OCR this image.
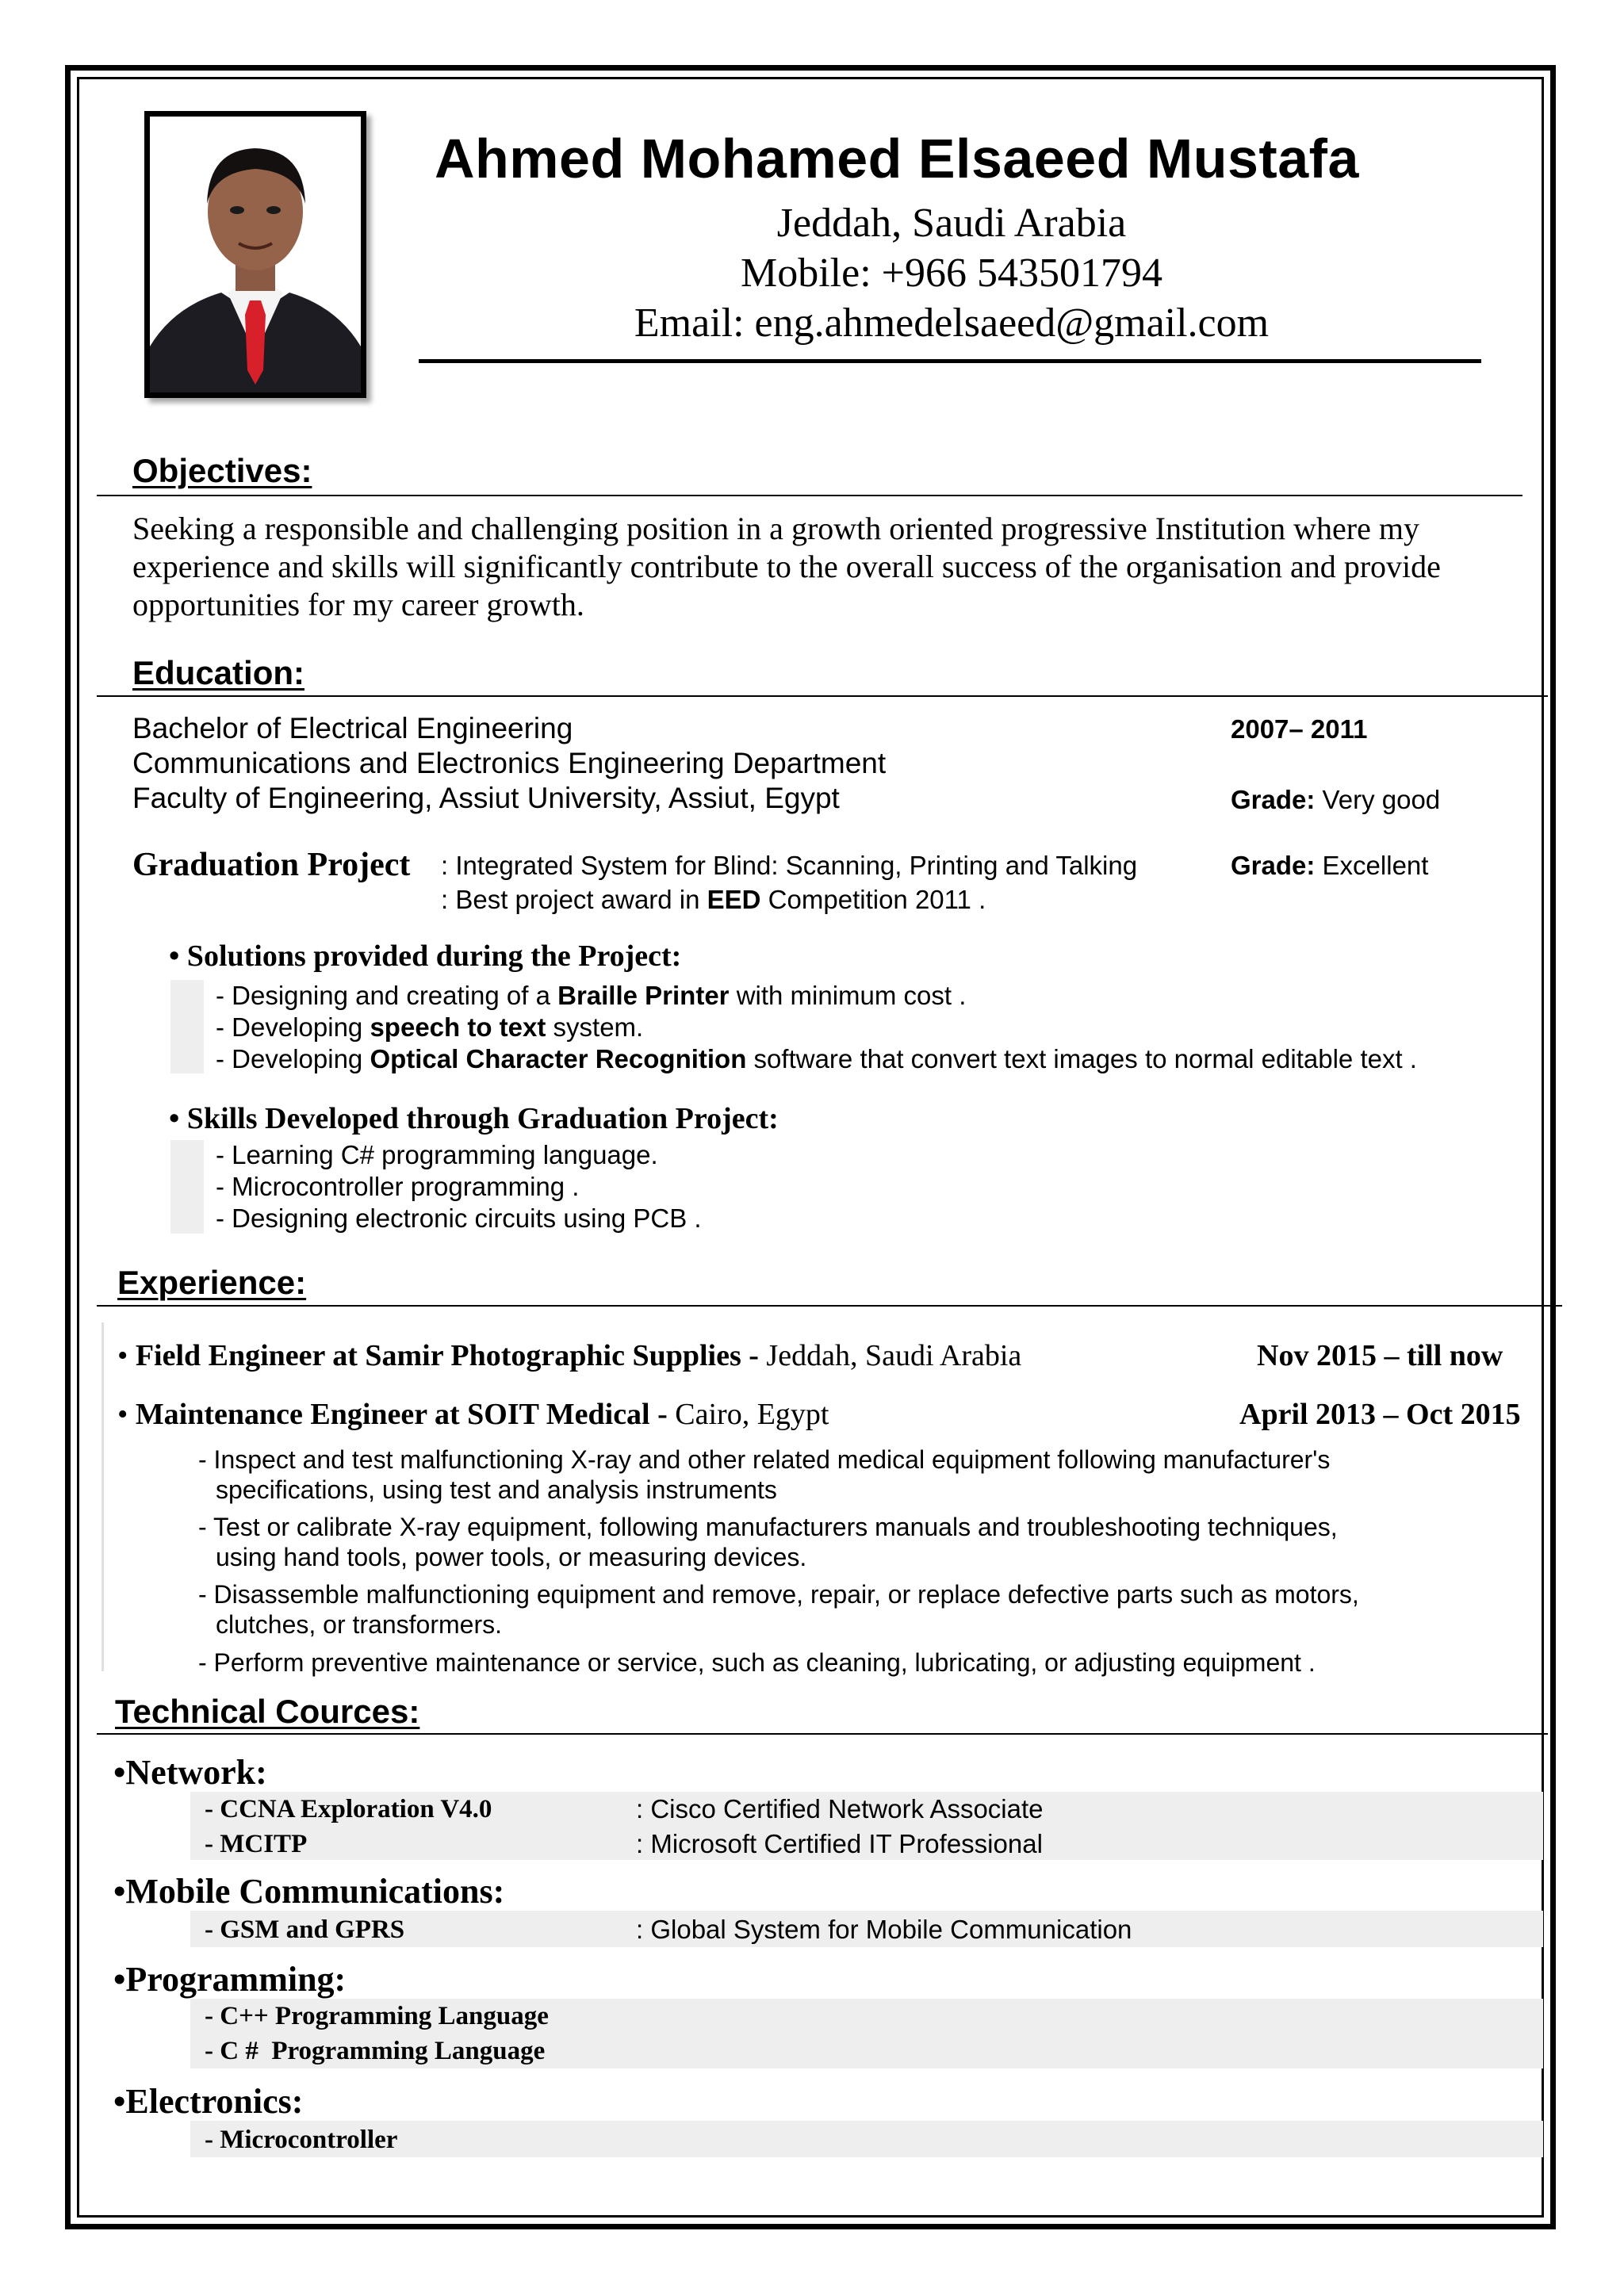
Ahmed Mohamed Elsaeed Mustafa
Jeddah, Saudi Arabia
Mobile: +966 543501794
Email: eng.ahmedelsaeed@gmail.com
Objectives:
Seeking a responsible and challenging position in a growth oriented progressive Institution where my experience and skills will significantly contribute to the overall success of the organisation and provide opportunities for my career growth.
Education:
Bachelor of Electrical Engineering
Communications and Electronics Engineering Department
Faculty of Engineering, Assiut University, Assiut, Egypt
2007– 2011
Grade: Very good
Graduation Project : Integrated System for Blind: Scanning, Printing and Talking	Grade: Excellent
: Best project award in EED Competition 2011 .
• Solutions provided during the Project:
- Designing and creating of a Braille Printer with minimum cost .
- Developing speech to text system.
- Developing Optical Character Recognition software that convert text images to normal editable text .
• Skills Developed through Graduation Project:
- Learning C# programming language.
- Microcontroller programming .
- Designing electronic circuits using PCB .
Experience:
• Field Engineer at Samir Photographic Supplies - Jeddah, Saudi Arabia	Nov 2015 – till now
• Maintenance Engineer at SOIT Medical - Cairo, Egypt	April 2013 – Oct 2015
- Inspect and test malfunctioning X-ray and other related medical equipment following manufacturer's
specifications, using test and analysis instruments
- Test or calibrate X-ray equipment, following manufacturers manuals and troubleshooting techniques,
using hand tools, power tools, or measuring devices.
- Disassemble malfunctioning equipment and remove, repair, or replace defective parts such as motors,
clutches, or transformers.
- Perform preventive maintenance or service, such as cleaning, lubricating, or adjusting equipment .
Technical Cources:
•Network:
- CCNA Exploration V4.0	: Cisco Certified Network Associate
- MCITP	: Microsoft Certified IT Professional
•Mobile Communications:
- GSM and GPRS	: Global System for Mobile Communication
•Programming:
- C++ Programming Language
- C #  Programming Language
•Electronics:
- Microcontroller
